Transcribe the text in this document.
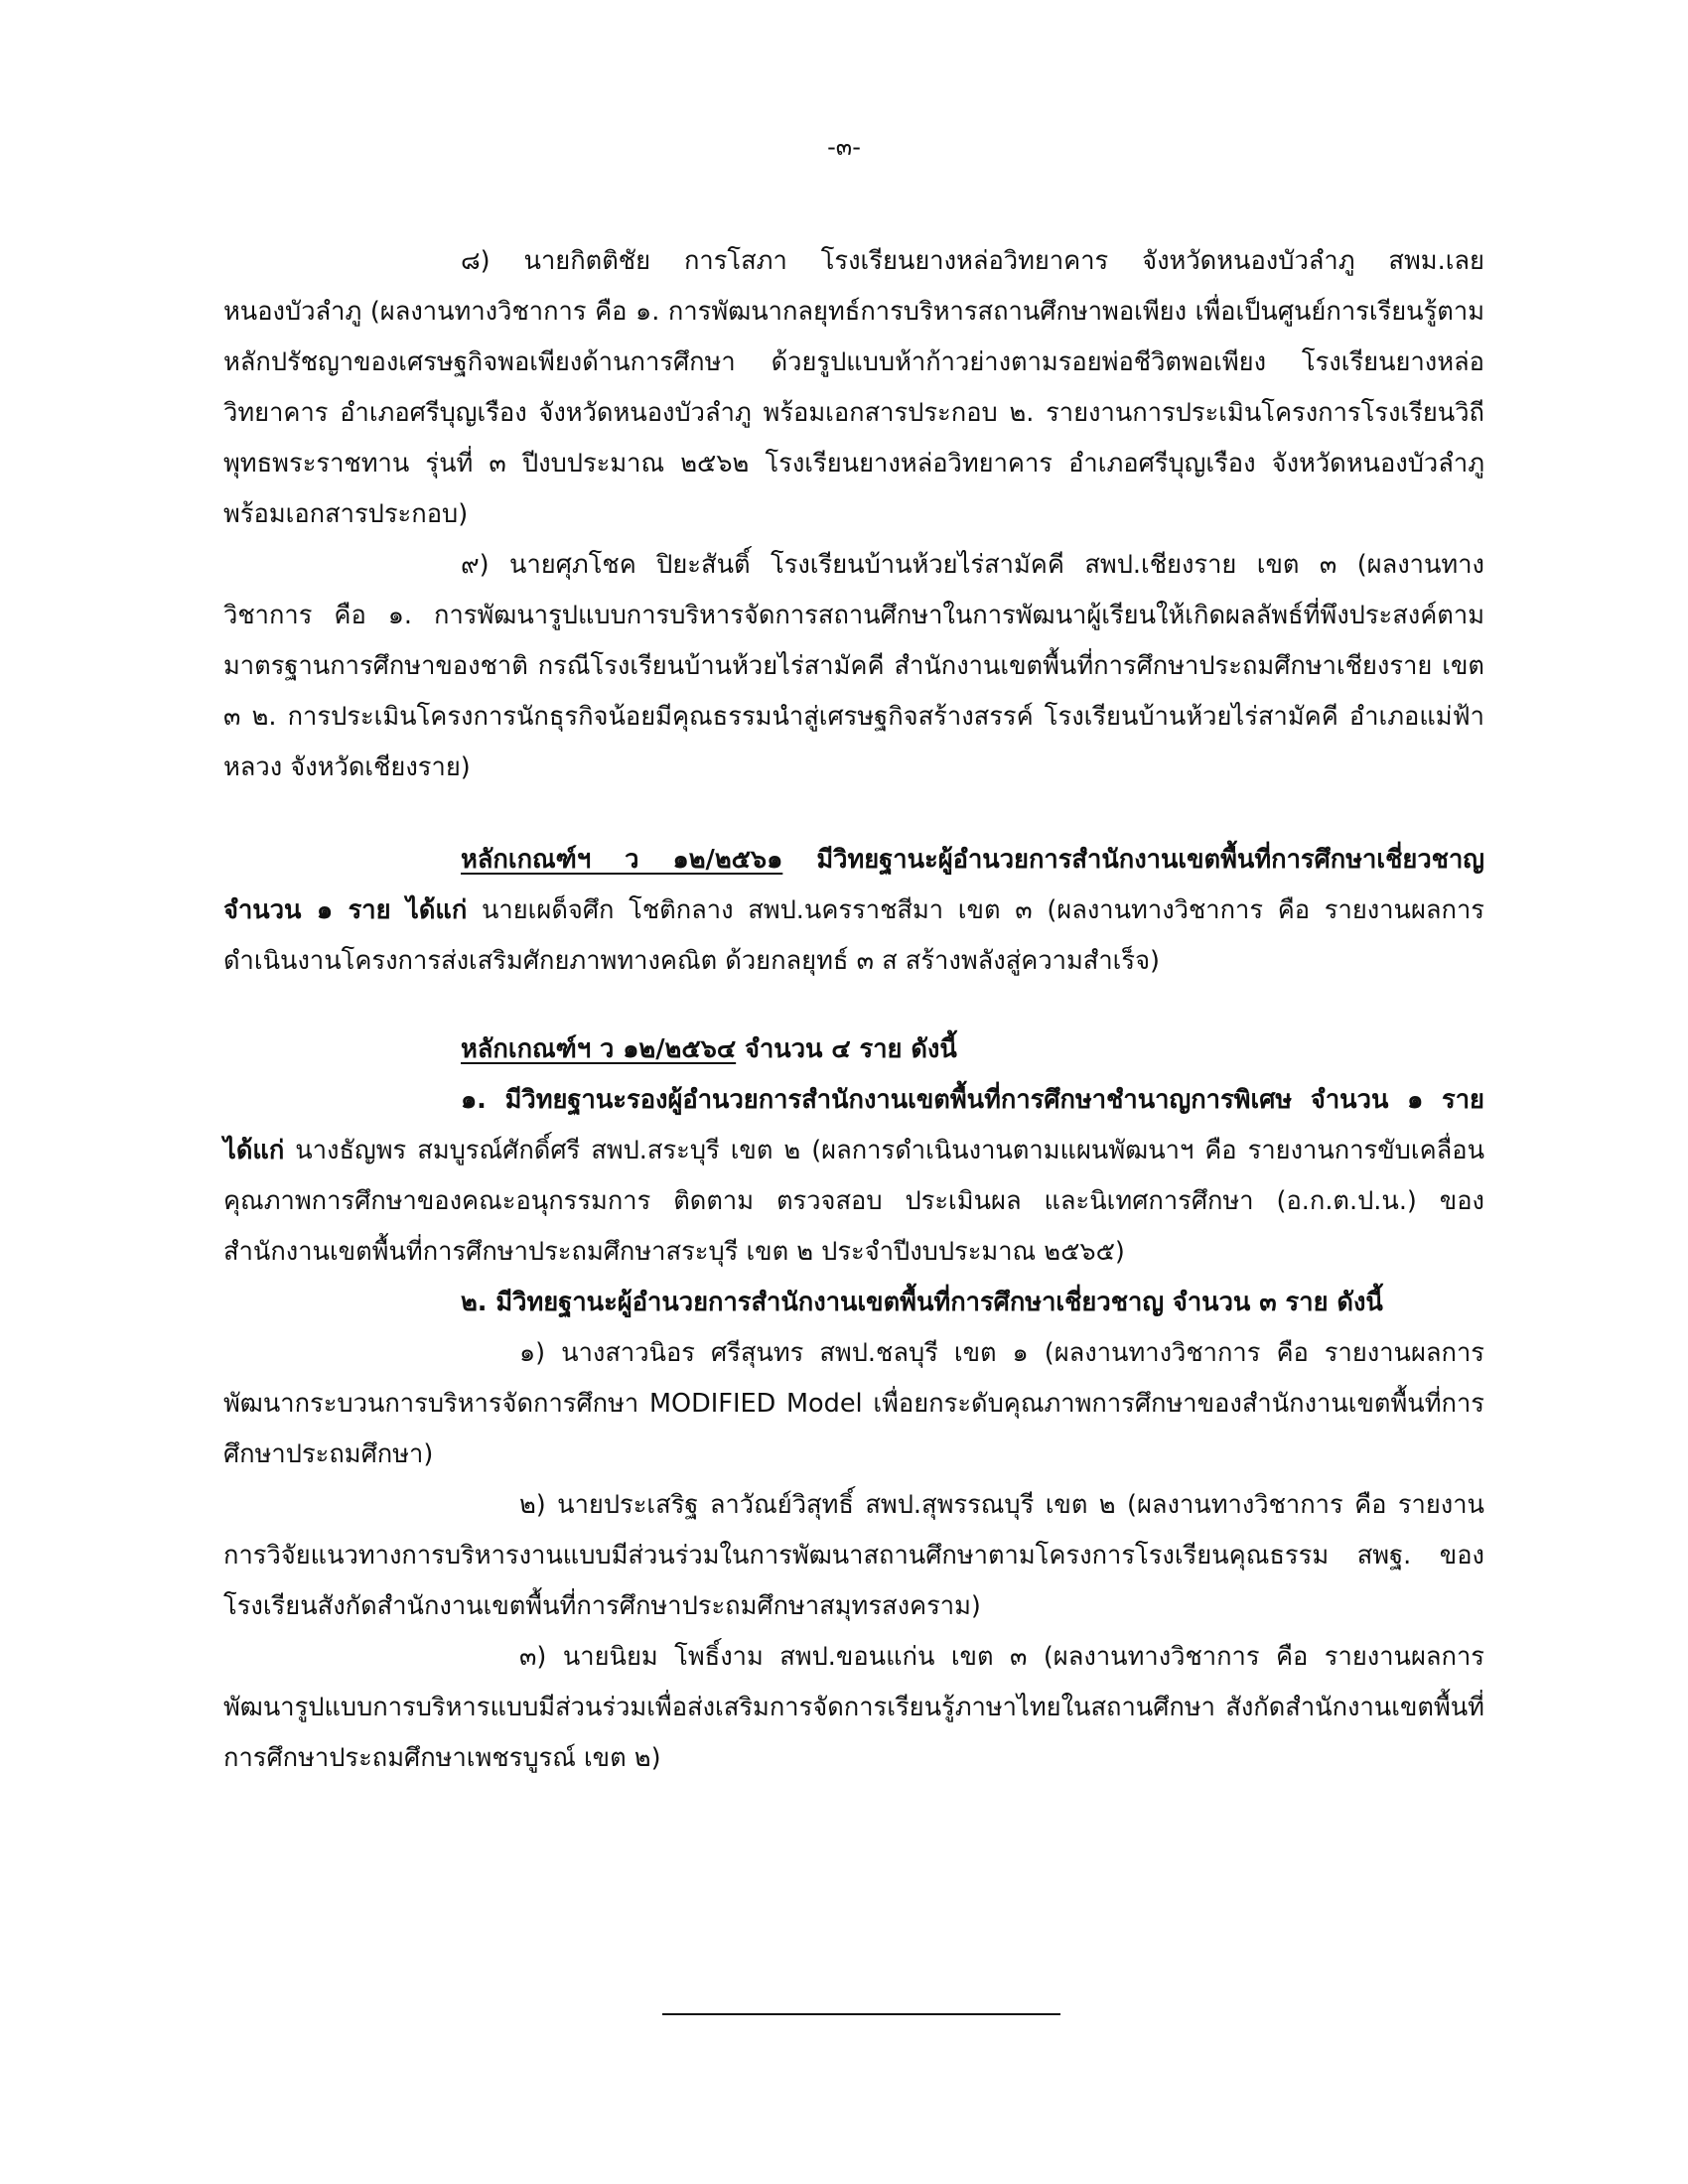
-๓-

๘) นายกิตติชัย การโสภา โรงเรียนยางหล่อวิทยาคาร จังหวัดหนองบัวลำภู สพม.เลย หนองบัวลำภู (ผลงานทางวิชาการ คือ ๑. การพัฒนากลยุทธ์การบริหารสถานศึกษาพอเพียง เพื่อเป็นศูนย์การเรียนรู้ตามหลักปรัชญาของเศรษฐกิจพอเพียงด้านการศึกษา ด้วยรูปแบบห้าก้าวย่างตามรอยพ่อชีวิตพอเพียง โรงเรียนยางหล่อวิทยาคาร อำเภอศรีบุญเรือง จังหวัดหนองบัวลำภู พร้อมเอกสารประกอบ ๒. รายงานการประเมินโครงการโรงเรียนวิถีพุทธพระราชทาน รุ่นที่ ๓ ปีงบประมาณ ๒๕๖๒ โรงเรียนยางหล่อวิทยาคาร อำเภอศรีบุญเรือง จังหวัดหนองบัวลำภู พร้อมเอกสารประกอบ)

๙) นายศุภโชค ปิยะสันติ์ โรงเรียนบ้านห้วยไร่สามัคคี สพป.เชียงราย เขต ๓ (ผลงานทางวิชาการ คือ ๑. การพัฒนารูปแบบการบริหารจัดการสถานศึกษาในการพัฒนาผู้เรียนให้เกิดผลลัพธ์ที่พึงประสงค์ตามมาตรฐานการศึกษาของชาติ กรณีโรงเรียนบ้านห้วยไร่สามัคคี สำนักงานเขตพื้นที่การศึกษาประถมศึกษาเชียงราย เขต ๓ ๒. การประเมินโครงการนักธุรกิจน้อยมีคุณธรรมนำสู่เศรษฐกิจสร้างสรรค์ โรงเรียนบ้านห้วยไร่สามัคคี อำเภอแม่ฟ้าหลวง จังหวัดเชียงราย)

หลักเกณฑ์ฯ ว ๑๒/๒๕๖๑ มีวิทยฐานะผู้อำนวยการสำนักงานเขตพื้นที่การศึกษาเชี่ยวชาญ จำนวน ๑ ราย ได้แก่ นายเผด็จศึก โชติกลาง สพป.นครราชสีมา เขต ๓ (ผลงานทางวิชาการ คือ รายงานผลการดำเนินงานโครงการส่งเสริมศักยภาพทางคณิต ด้วยกลยุทธ์ ๓ ส สร้างพลังสู่ความสำเร็จ)

หลักเกณฑ์ฯ ว ๑๒/๒๕๖๔ จำนวน ๔ ราย ดังนี้

๑. มีวิทยฐานะรองผู้อำนวยการสำนักงานเขตพื้นที่การศึกษาชำนาญการพิเศษ จำนวน ๑ ราย ได้แก่ นางธัญพร สมบูรณ์ศักดิ์ศรี สพป.สระบุรี เขต ๒ (ผลการดำเนินงานตามแผนพัฒนาฯ คือ รายงานการขับเคลื่อนคุณภาพการศึกษาของคณะอนุกรรมการ ติดตาม ตรวจสอบ ประเมินผล และนิเทศการศึกษา (อ.ก.ต.ป.น.) ของสำนักงานเขตพื้นที่การศึกษาประถมศึกษาสระบุรี เขต ๒ ประจำปีงบประมาณ ๒๕๖๕)

๒. มีวิทยฐานะผู้อำนวยการสำนักงานเขตพื้นที่การศึกษาเชี่ยวชาญ จำนวน ๓ ราย ดังนี้

๑) นางสาวนิอร ศรีสุนทร สพป.ชลบุรี เขต ๑ (ผลงานทางวิชาการ คือ รายงานผลการพัฒนากระบวนการบริหารจัดการศึกษา MODIFIED Model เพื่อยกระดับคุณภาพการศึกษาของสำนักงานเขตพื้นที่การศึกษาประถมศึกษา)

๒) นายประเสริฐ ลาวัณย์วิสุทธิ์ สพป.สุพรรณบุรี เขต ๒ (ผลงานทางวิชาการ คือ รายงานการวิจัยแนวทางการบริหารงานแบบมีส่วนร่วมในการพัฒนาสถานศึกษาตามโครงการโรงเรียนคุณธรรม สพฐ. ของโรงเรียนสังกัดสำนักงานเขตพื้นที่การศึกษาประถมศึกษาสมุทรสงคราม)

๓) นายนิยม โพธิ์งาม สพป.ขอนแก่น เขต ๓ (ผลงานทางวิชาการ คือ รายงานผลการพัฒนารูปแบบการบริหารแบบมีส่วนร่วมเพื่อส่งเสริมการจัดการเรียนรู้ภาษาไทยในสถานศึกษา สังกัดสำนักงานเขตพื้นที่การศึกษาประถมศึกษาเพชรบูรณ์ เขต ๒)
